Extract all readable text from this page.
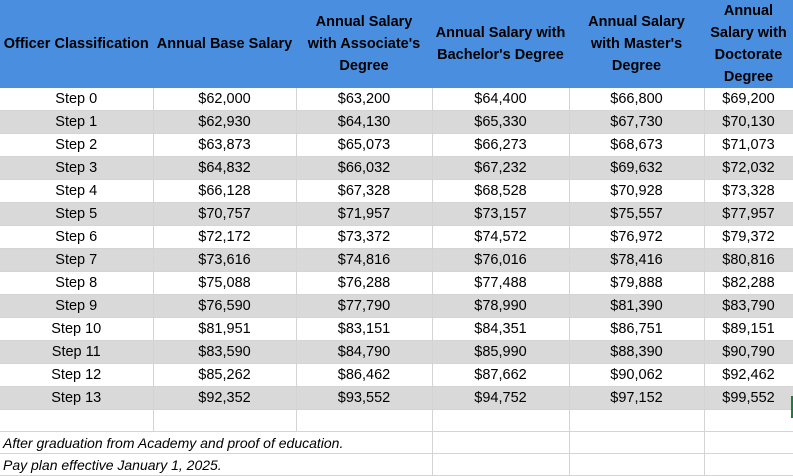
Officer Classification	Annual Base Salary	Annual Salary with Associate's Degree	Annual Salary with Bachelor's Degree	Annual Salary with Master's Degree	Annual Salary with Doctorate Degree
Step 0	$62,000	$63,200	$64,400	$66,800	$69,200
Step 1	$62,930	$64,130	$65,330	$67,730	$70,130
Step 2	$63,873	$65,073	$66,273	$68,673	$71,073
Step 3	$64,832	$66,032	$67,232	$69,632	$72,032
Step 4	$66,128	$67,328	$68,528	$70,928	$73,328
Step 5	$70,757	$71,957	$73,157	$75,557	$77,957
Step 6	$72,172	$73,372	$74,572	$76,972	$79,372
Step 7	$73,616	$74,816	$76,016	$78,416	$80,816
Step 8	$75,088	$76,288	$77,488	$79,888	$82,288
Step 9	$76,590	$77,790	$78,990	$81,390	$83,790
Step 10	$81,951	$83,151	$84,351	$86,751	$89,151
Step 11	$83,590	$84,790	$85,990	$88,390	$90,790
Step 12	$85,262	$86,462	$87,662	$90,062	$92,462
Step 13	$92,352	$93,552	$94,752	$97,152	$99,552

After graduation from Academy and proof of education.					

Pay plan effective January 1, 2025.					
